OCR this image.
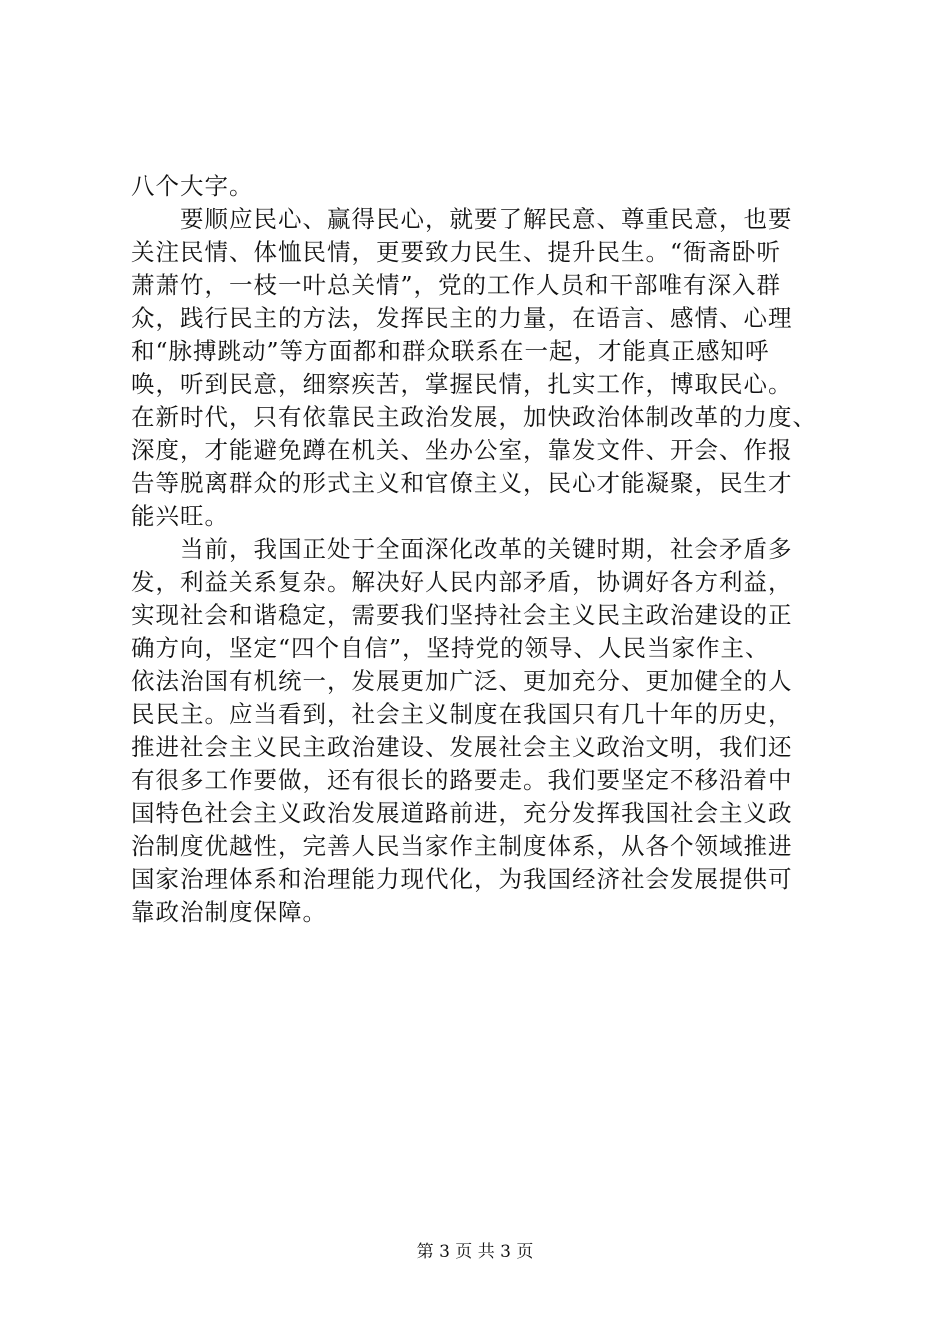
八个大字。
　　要顺应民心、赢得民心，就要了解民意、尊重民意，也要
关注民情、体恤民情，更要致力民生、提升民生。“衙斋卧听
萧萧竹，一枝一叶总关情”，党的工作人员和干部唯有深入群
众，践行民主的方法，发挥民主的力量，在语言、感情、心理
和“脉搏跳动”等方面都和群众联系在一起，才能真正感知呼
唤，听到民意，细察疾苦，掌握民情，扎实工作，博取民心。
在新时代，只有依靠民主政治发展，加快政治体制改革的力度、
深度，才能避免蹲在机关、坐办公室，靠发文件、开会、作报
告等脱离群众的形式主义和官僚主义，民心才能凝聚，民生才
能兴旺。
　　当前，我国正处于全面深化改革的关键时期，社会矛盾多
发，利益关系复杂。解决好人民内部矛盾，协调好各方利益，
实现社会和谐稳定，需要我们坚持社会主义民主政治建设的正
确方向，坚定“四个自信”，坚持党的领导、人民当家作主、
依法治国有机统一，发展更加广泛、更加充分、更加健全的人
民民主。应当看到，社会主义制度在我国只有几十年的历史，
推进社会主义民主政治建设、发展社会主义政治文明，我们还
有很多工作要做，还有很长的路要走。我们要坚定不移沿着中
国特色社会主义政治发展道路前进，充分发挥我国社会主义政
治制度优越性，完善人民当家作主制度体系，从各个领域推进
国家治理体系和治理能力现代化，为我国经济社会发展提供可
靠政治制度保障。
第 3 页 共 3 页
